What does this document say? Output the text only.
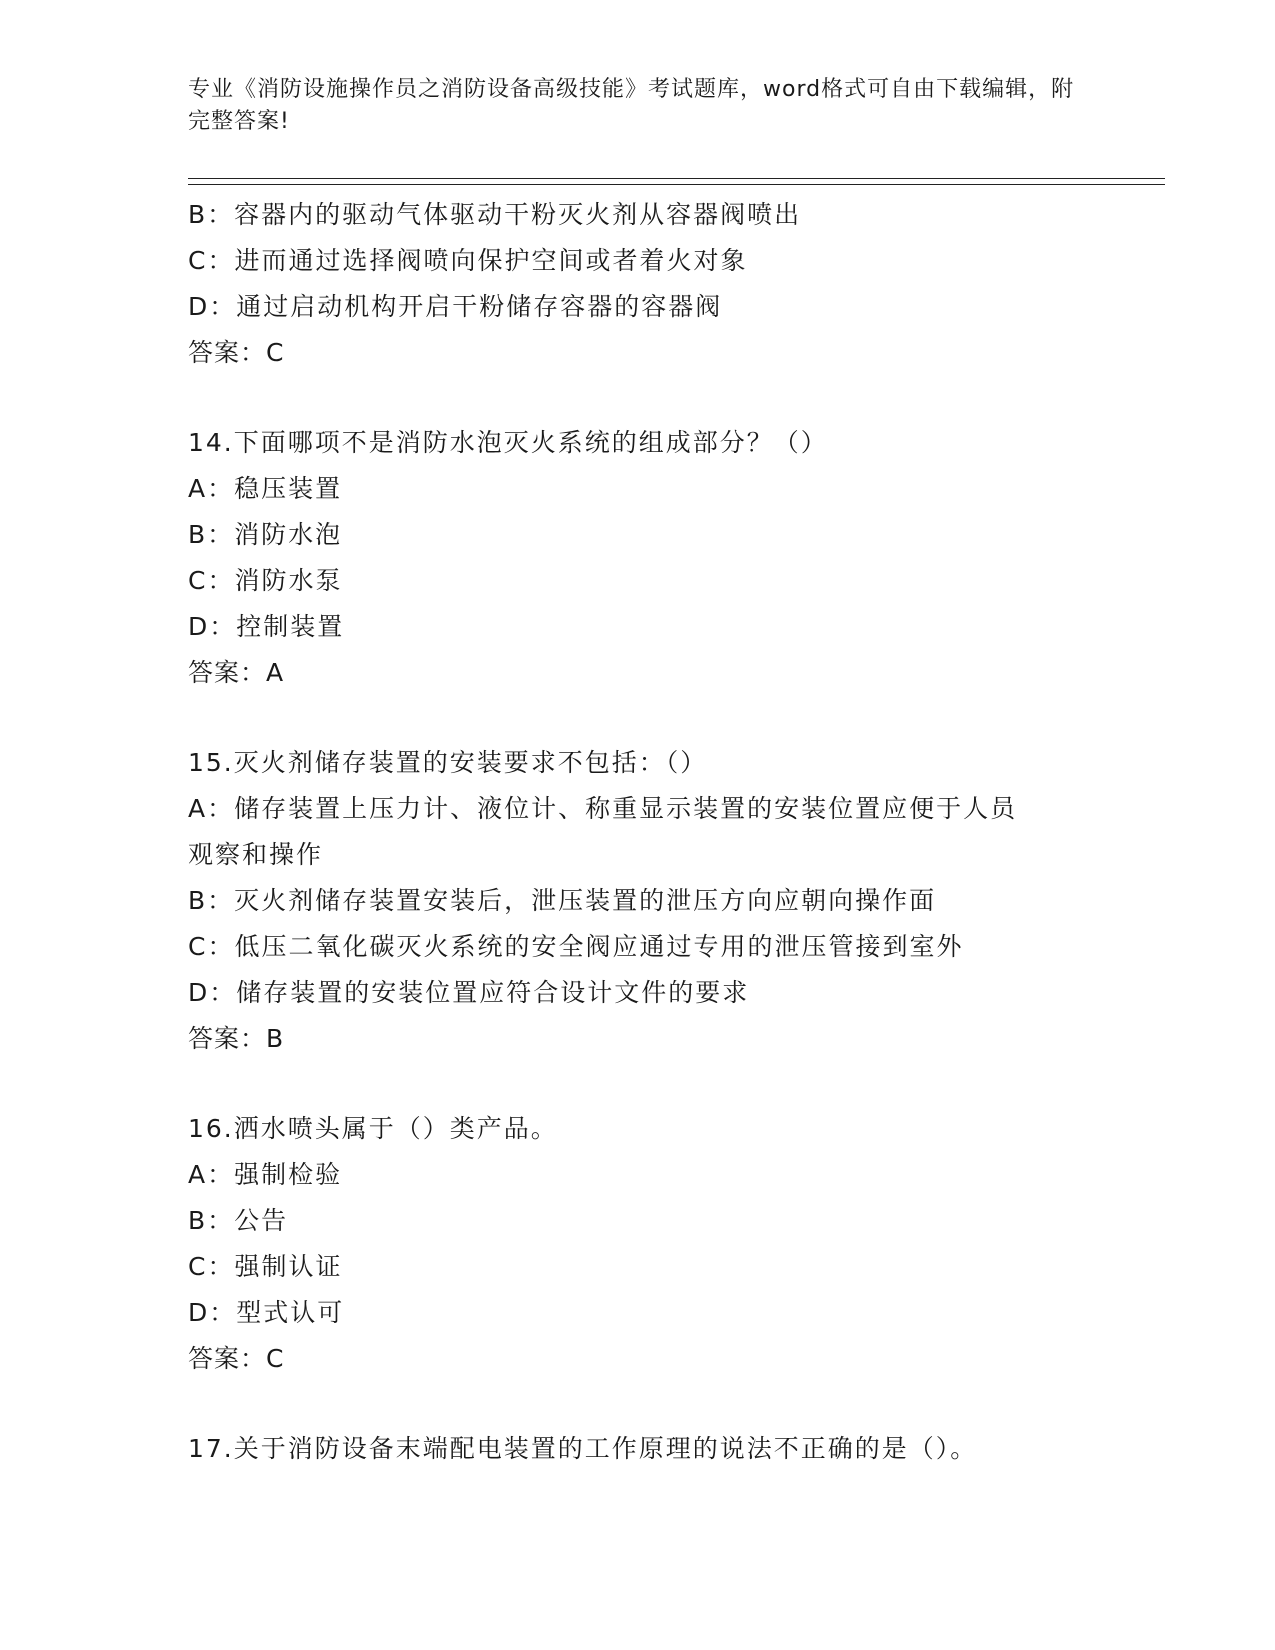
专业《消防设施操作员之消防设备高级技能》考试题库，word格式可自由下载编辑，附完整答案!
B：容器内的驱动气体驱动干粉灭火剂从容器阀喷出
C：进而通过选择阀喷向保护空间或者着火对象
D：通过启动机构开启干粉储存容器的容器阀
答案：C
14.下面哪项不是消防水泡灭火系统的组成部分？（）
A：稳压装置
B：消防水泡
C：消防水泵
D：控制装置
答案：A
15.灭火剂储存装置的安装要求不包括：（）
A：储存装置上压力计、液位计、称重显示装置的安装位置应便于人员
观察和操作
B：灭火剂储存装置安装后，泄压装置的泄压方向应朝向操作面
C：低压二氧化碳灭火系统的安全阀应通过专用的泄压管接到室外
D：储存装置的安装位置应符合设计文件的要求
答案：B
16.洒水喷头属于（）类产品。
A：强制检验
B：公告
C：强制认证
D：型式认可
答案：C
17.关于消防设备末端配电装置的工作原理的说法不正确的是（）。
